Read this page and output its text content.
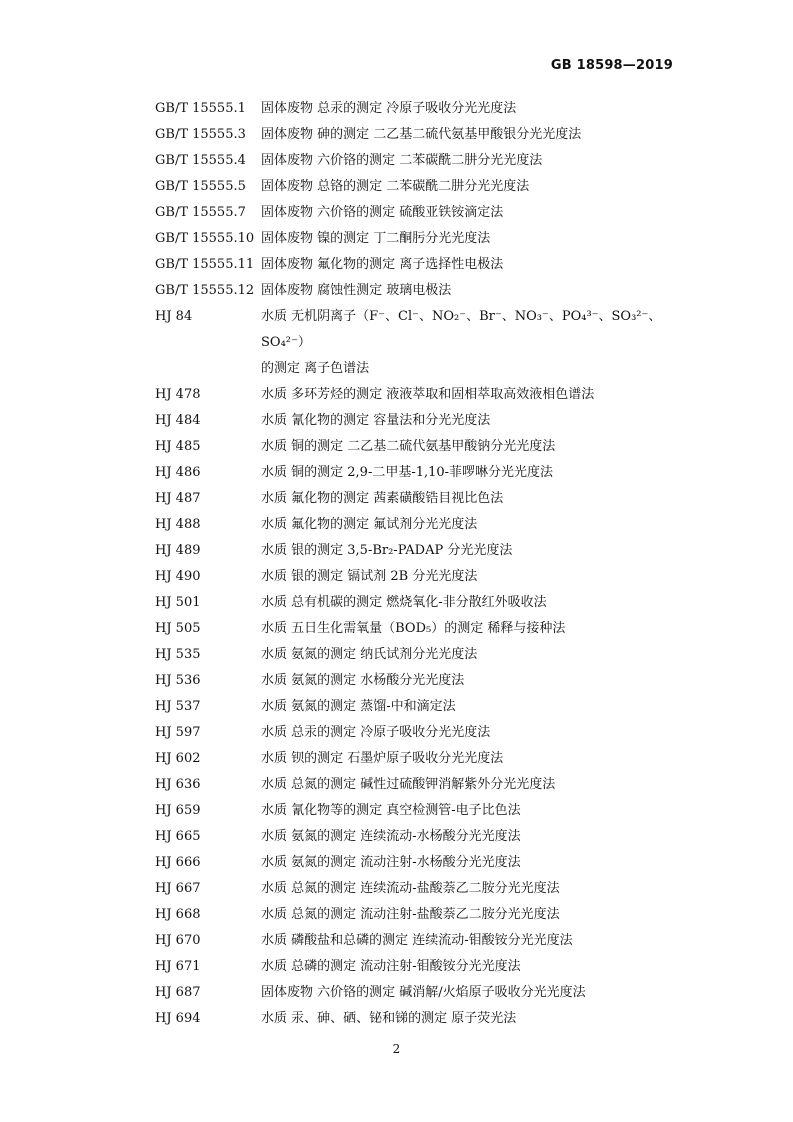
GB 18598—2019
GB/T 15555.1	固体废物 总汞的测定 冷原子吸收分光光度法
GB/T 15555.3	固体废物 砷的测定 二乙基二硫代氨基甲酸银分光光度法
GB/T 15555.4	固体废物 六价铬的测定 二苯碳酰二肼分光光度法
GB/T 15555.5	固体废物 总铬的测定 二苯碳酰二肼分光光度法
GB/T 15555.7	固体废物 六价铬的测定 硫酸亚铁铵滴定法
GB/T 15555.10 固体废物 镍的测定 丁二酮肟分光光度法
GB/T 15555.11 固体废物 氟化物的测定 离子选择性电极法
GB/T 15555.12 固体废物 腐蚀性测定 玻璃电极法
HJ 84	水质 无机阴离子（F⁻、Cl⁻、NO₂⁻、Br⁻、NO₃⁻、PO₄³⁻、SO₃²⁻、SO₄²⁻）
的测定 离子色谱法
HJ 478	水质 多环芳烃的测定 液液萃取和固相萃取高效液相色谱法
HJ 484	水质 氰化物的测定 容量法和分光光度法
HJ 485	水质 铜的测定 二乙基二硫代氨基甲酸钠分光光度法
HJ 486	水质 铜的测定 2,9-二甲基-1,10-菲啰啉分光光度法
HJ 487	水质 氟化物的测定 茜素磺酸锆目视比色法
HJ 488	水质 氟化物的测定 氟试剂分光光度法
HJ 489	水质 银的测定 3,5-Br₂-PADAP 分光光度法
HJ 490	水质 银的测定 镉试剂 2B 分光光度法
HJ 501	水质 总有机碳的测定 燃烧氧化-非分散红外吸收法
HJ 505	水质 五日生化需氧量（BOD₅）的测定 稀释与接种法
HJ 535	水质 氨氮的测定 纳氏试剂分光光度法
HJ 536	水质 氨氮的测定 水杨酸分光光度法
HJ 537	水质 氨氮的测定 蒸馏-中和滴定法
HJ 597	水质 总汞的测定 冷原子吸收分光光度法
HJ 602	水质 钡的测定 石墨炉原子吸收分光光度法
HJ 636	水质 总氮的测定 碱性过硫酸钾消解紫外分光光度法
HJ 659	水质 氰化物等的测定 真空检测管-电子比色法
HJ 665	水质 氨氮的测定 连续流动-水杨酸分光光度法
HJ 666	水质 氨氮的测定 流动注射-水杨酸分光光度法
HJ 667	水质 总氮的测定 连续流动-盐酸萘乙二胺分光光度法
HJ 668	水质 总氮的测定 流动注射-盐酸萘乙二胺分光光度法
HJ 670	水质 磷酸盐和总磷的测定 连续流动-钼酸铵分光光度法
HJ 671	水质 总磷的测定 流动注射-钼酸铵分光光度法
HJ 687	固体废物 六价铬的测定 碱消解/火焰原子吸收分光光度法
HJ 694	水质 汞、砷、硒、铋和锑的测定 原子荧光法
2
